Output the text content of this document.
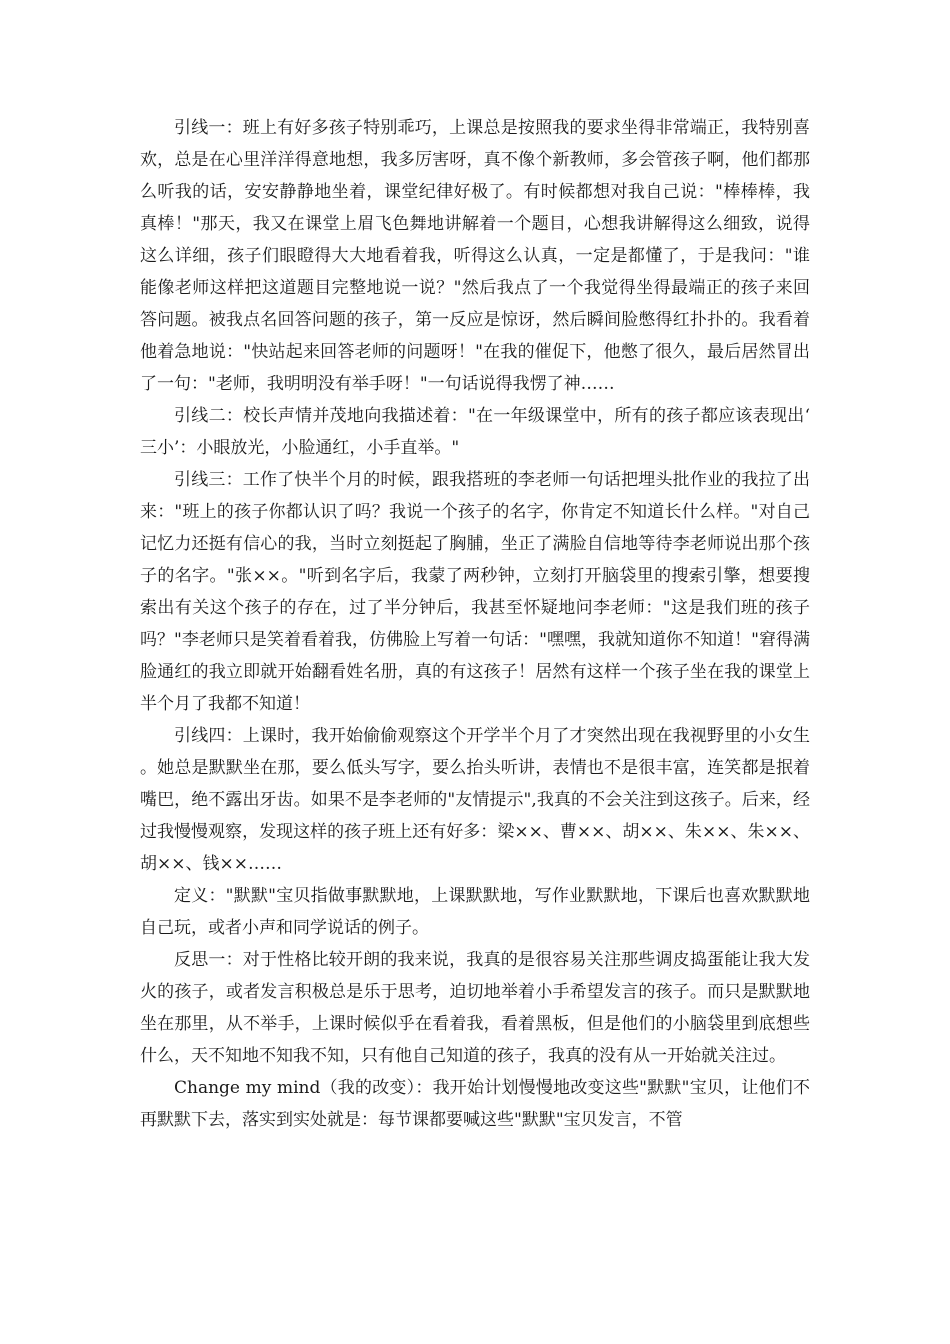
引线一：班上有好多孩子特别乖巧，上课总是按照我的要求坐得非常端正，我特别喜欢，总是在心里洋洋得意地想，我多厉害呀，真不像个新教师，多会管孩子啊，他们都那么听我的话，安安静静地坐着，课堂纪律好极了。有时候都想对我自己说："棒棒棒，我真棒！"那天，我又在课堂上眉飞色舞地讲解着一个题目，心想我讲解得这么细致，说得这么详细，孩子们眼瞪得大大地看着我，听得这么认真，一定是都懂了，于是我问："谁能像老师这样把这道题目完整地说一说？"然后我点了一个我觉得坐得最端正的孩子来回答问题。被我点名回答问题的孩子，第一反应是惊讶，然后瞬间脸憋得红扑扑的。我看着他着急地说："快站起来回答老师的问题呀！"在我的催促下，他憋了很久，最后居然冒出了一句："老师，我明明没有举手呀！"一句话说得我愣了神……

引线二：校长声情并茂地向我描述着："在一年级课堂中，所有的孩子都应该表现出‘三小’：小眼放光，小脸通红，小手直举。"

引线三：工作了快半个月的时候，跟我搭班的李老师一句话把埋头批作业的我拉了出来："班上的孩子你都认识了吗？我说一个孩子的名字，你肯定不知道长什么样。"对自己记忆力还挺有信心的我，当时立刻挺起了胸脯，坐正了满脸自信地等待李老师说出那个孩子的名字。"张××。"听到名字后，我蒙了两秒钟，立刻打开脑袋里的搜索引擎，想要搜索出有关这个孩子的存在，过了半分钟后，我甚至怀疑地问李老师："这是我们班的孩子吗？"李老师只是笑着看着我，仿佛脸上写着一句话："嘿嘿，我就知道你不知道！"窘得满脸通红的我立即就开始翻看姓名册，真的有这孩子！居然有这样一个孩子坐在我的课堂上半个月了我都不知道！

引线四：上课时，我开始偷偷观察这个开学半个月了才突然出现在我视野里的小女生。她总是默默坐在那，要么低头写字，要么抬头听讲，表情也不是很丰富，连笑都是抿着嘴巴，绝不露出牙齿。如果不是李老师的"友情提示",我真的不会关注到这孩子。后来，经过我慢慢观察，发现这样的孩子班上还有好多：梁××、曹××、胡××、朱××、朱××、胡××、钱××……

定义："默默"宝贝指做事默默地，上课默默地，写作业默默地，下课后也喜欢默默地自己玩，或者小声和同学说话的例子。

反思一：对于性格比较开朗的我来说，我真的是很容易关注那些调皮捣蛋能让我大发火的孩子，或者发言积极总是乐于思考，迫切地举着小手希望发言的孩子。而只是默默地坐在那里，从不举手，上课时候似乎在看着我，看着黑板，但是他们的小脑袋里到底想些什么，天不知地不知我不知，只有他自己知道的孩子，我真的没有从一开始就关注过。

Change my mind（我的改变）：我开始计划慢慢地改变这些"默默"宝贝，让他们不再默默下去，落实到实处就是：每节课都要喊这些"默默"宝贝发言，不管
